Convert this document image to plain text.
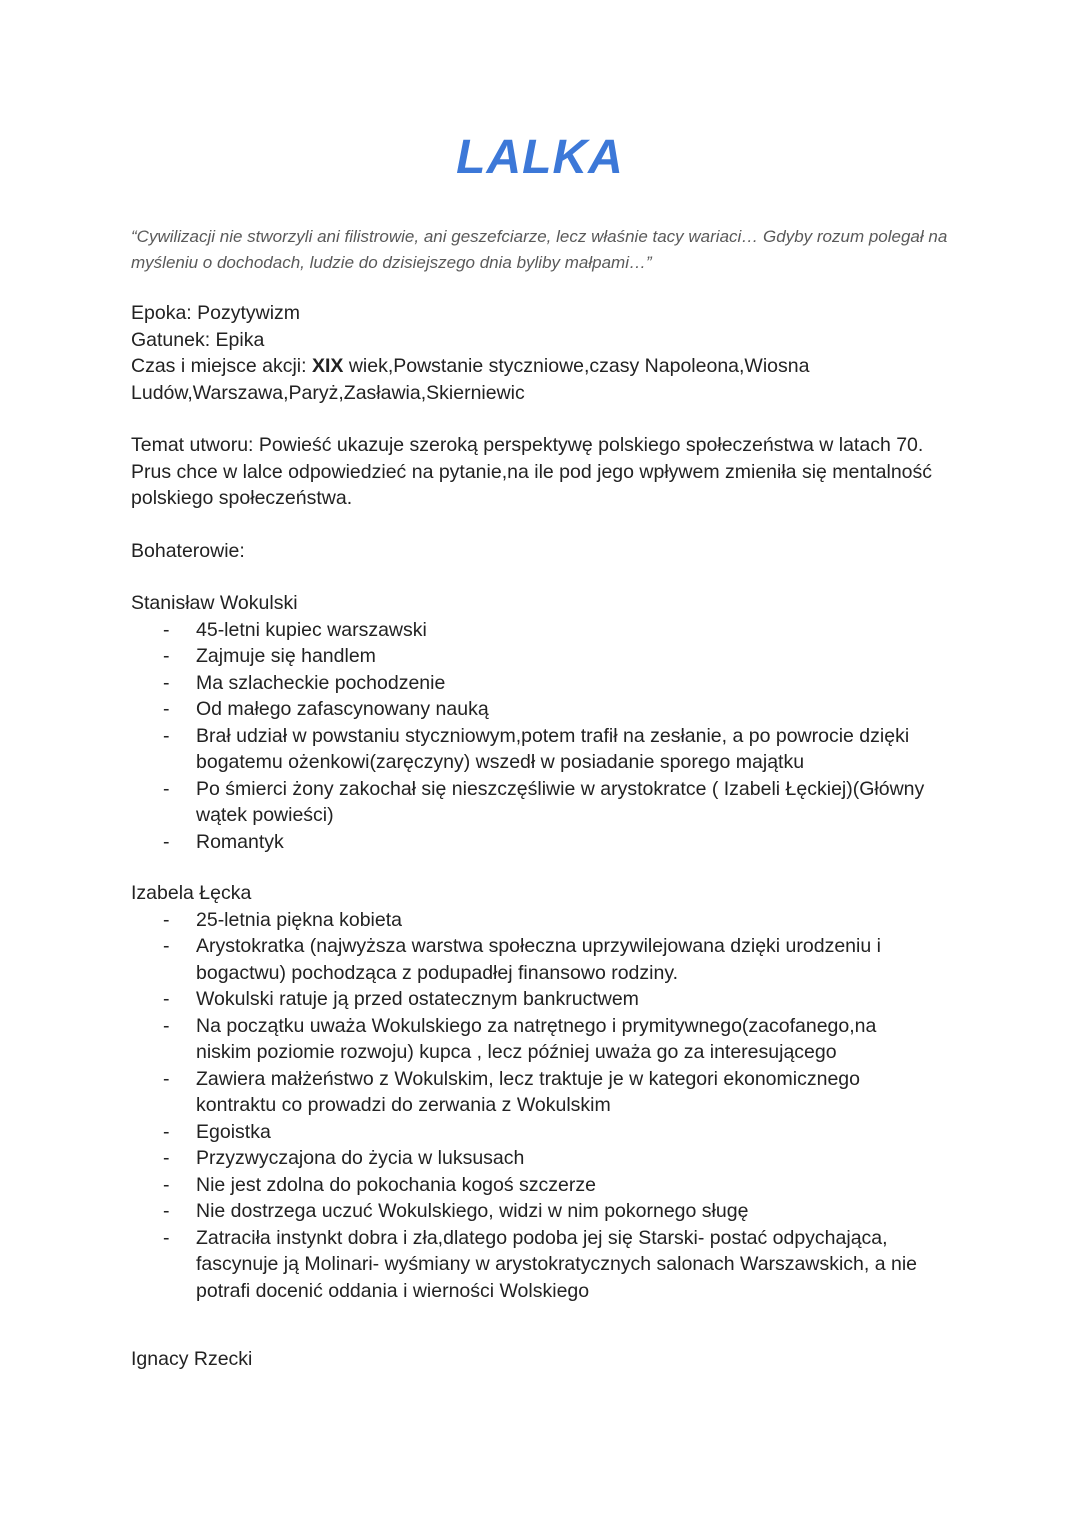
LALKA
“Cywilizacji nie stworzyli ani filistrowie, ani geszefciarze, lecz właśnie tacy wariaci… Gdyby rozum polegał na myśleniu o dochodach, ludzie do dzisiejszego dnia byliby małpami…”
Epoka: Pozytywizm
Gatunek: Epika
Czas i miejsce akcji: XIX wiek,Powstanie styczniowe,czasy Napoleona,Wiosna Ludów,Warszawa,Paryż,Zasławia,Skierniewic
Temat utworu: Powieść ukazuje szeroką perspektywę polskiego społeczeństwa w latach 70. Prus chce w lalce odpowiedzieć na pytanie,na ile pod jego wpływem zmieniła się mentalność polskiego społeczeństwa.
Bohaterowie:
Stanisław Wokulski
- 45-letni kupiec warszawski
- Zajmuje się handlem
- Ma szlacheckie pochodzenie
- Od małego zafascynowany nauką
- Brał udział w powstaniu styczniowym,potem trafił na zesłanie, a po powrocie dzięki bogatemu ożenkowi(zaręczyny) wszedł w posiadanie sporego majątku
- Po śmierci żony zakochał się nieszczęśliwie w arystokratce ( Izabeli Łęckiej)(Główny wątek powieści)
- Romantyk
Izabela Łęcka
- 25-letnia piękna kobieta
- Arystokratka (najwyższa warstwa społeczna uprzywilejowana dzięki urodzeniu i bogactwu) pochodząca z podupadłej finansowo rodziny.
- Wokulski ratuje ją przed ostatecznym bankructwem
- Na początku uważa Wokulskiego za natrętnego i prymitywnego(zacofanego,na niskim poziomie rozwoju) kupca , lecz później uważa go za interesującego
- Zawiera małżeństwo z Wokulskim, lecz traktuje je w kategori ekonomicznego kontraktu co prowadzi do zerwania z Wokulskim
- Egoistka
- Przyzwyczajona do życia w luksusach
- Nie jest zdolna do pokochania kogoś szczerze
- Nie dostrzega uczuć Wokulskiego, widzi w nim pokornego sługę
- Zatraciła instynkt dobra i zła,dlatego podoba jej się Starski- postać odpychająca, fascynuje ją Molinari- wyśmiany w arystokratycznych salonach Warszawskich, a nie potrafi docenić oddania i wierności Wolskiego
Ignacy Rzecki
